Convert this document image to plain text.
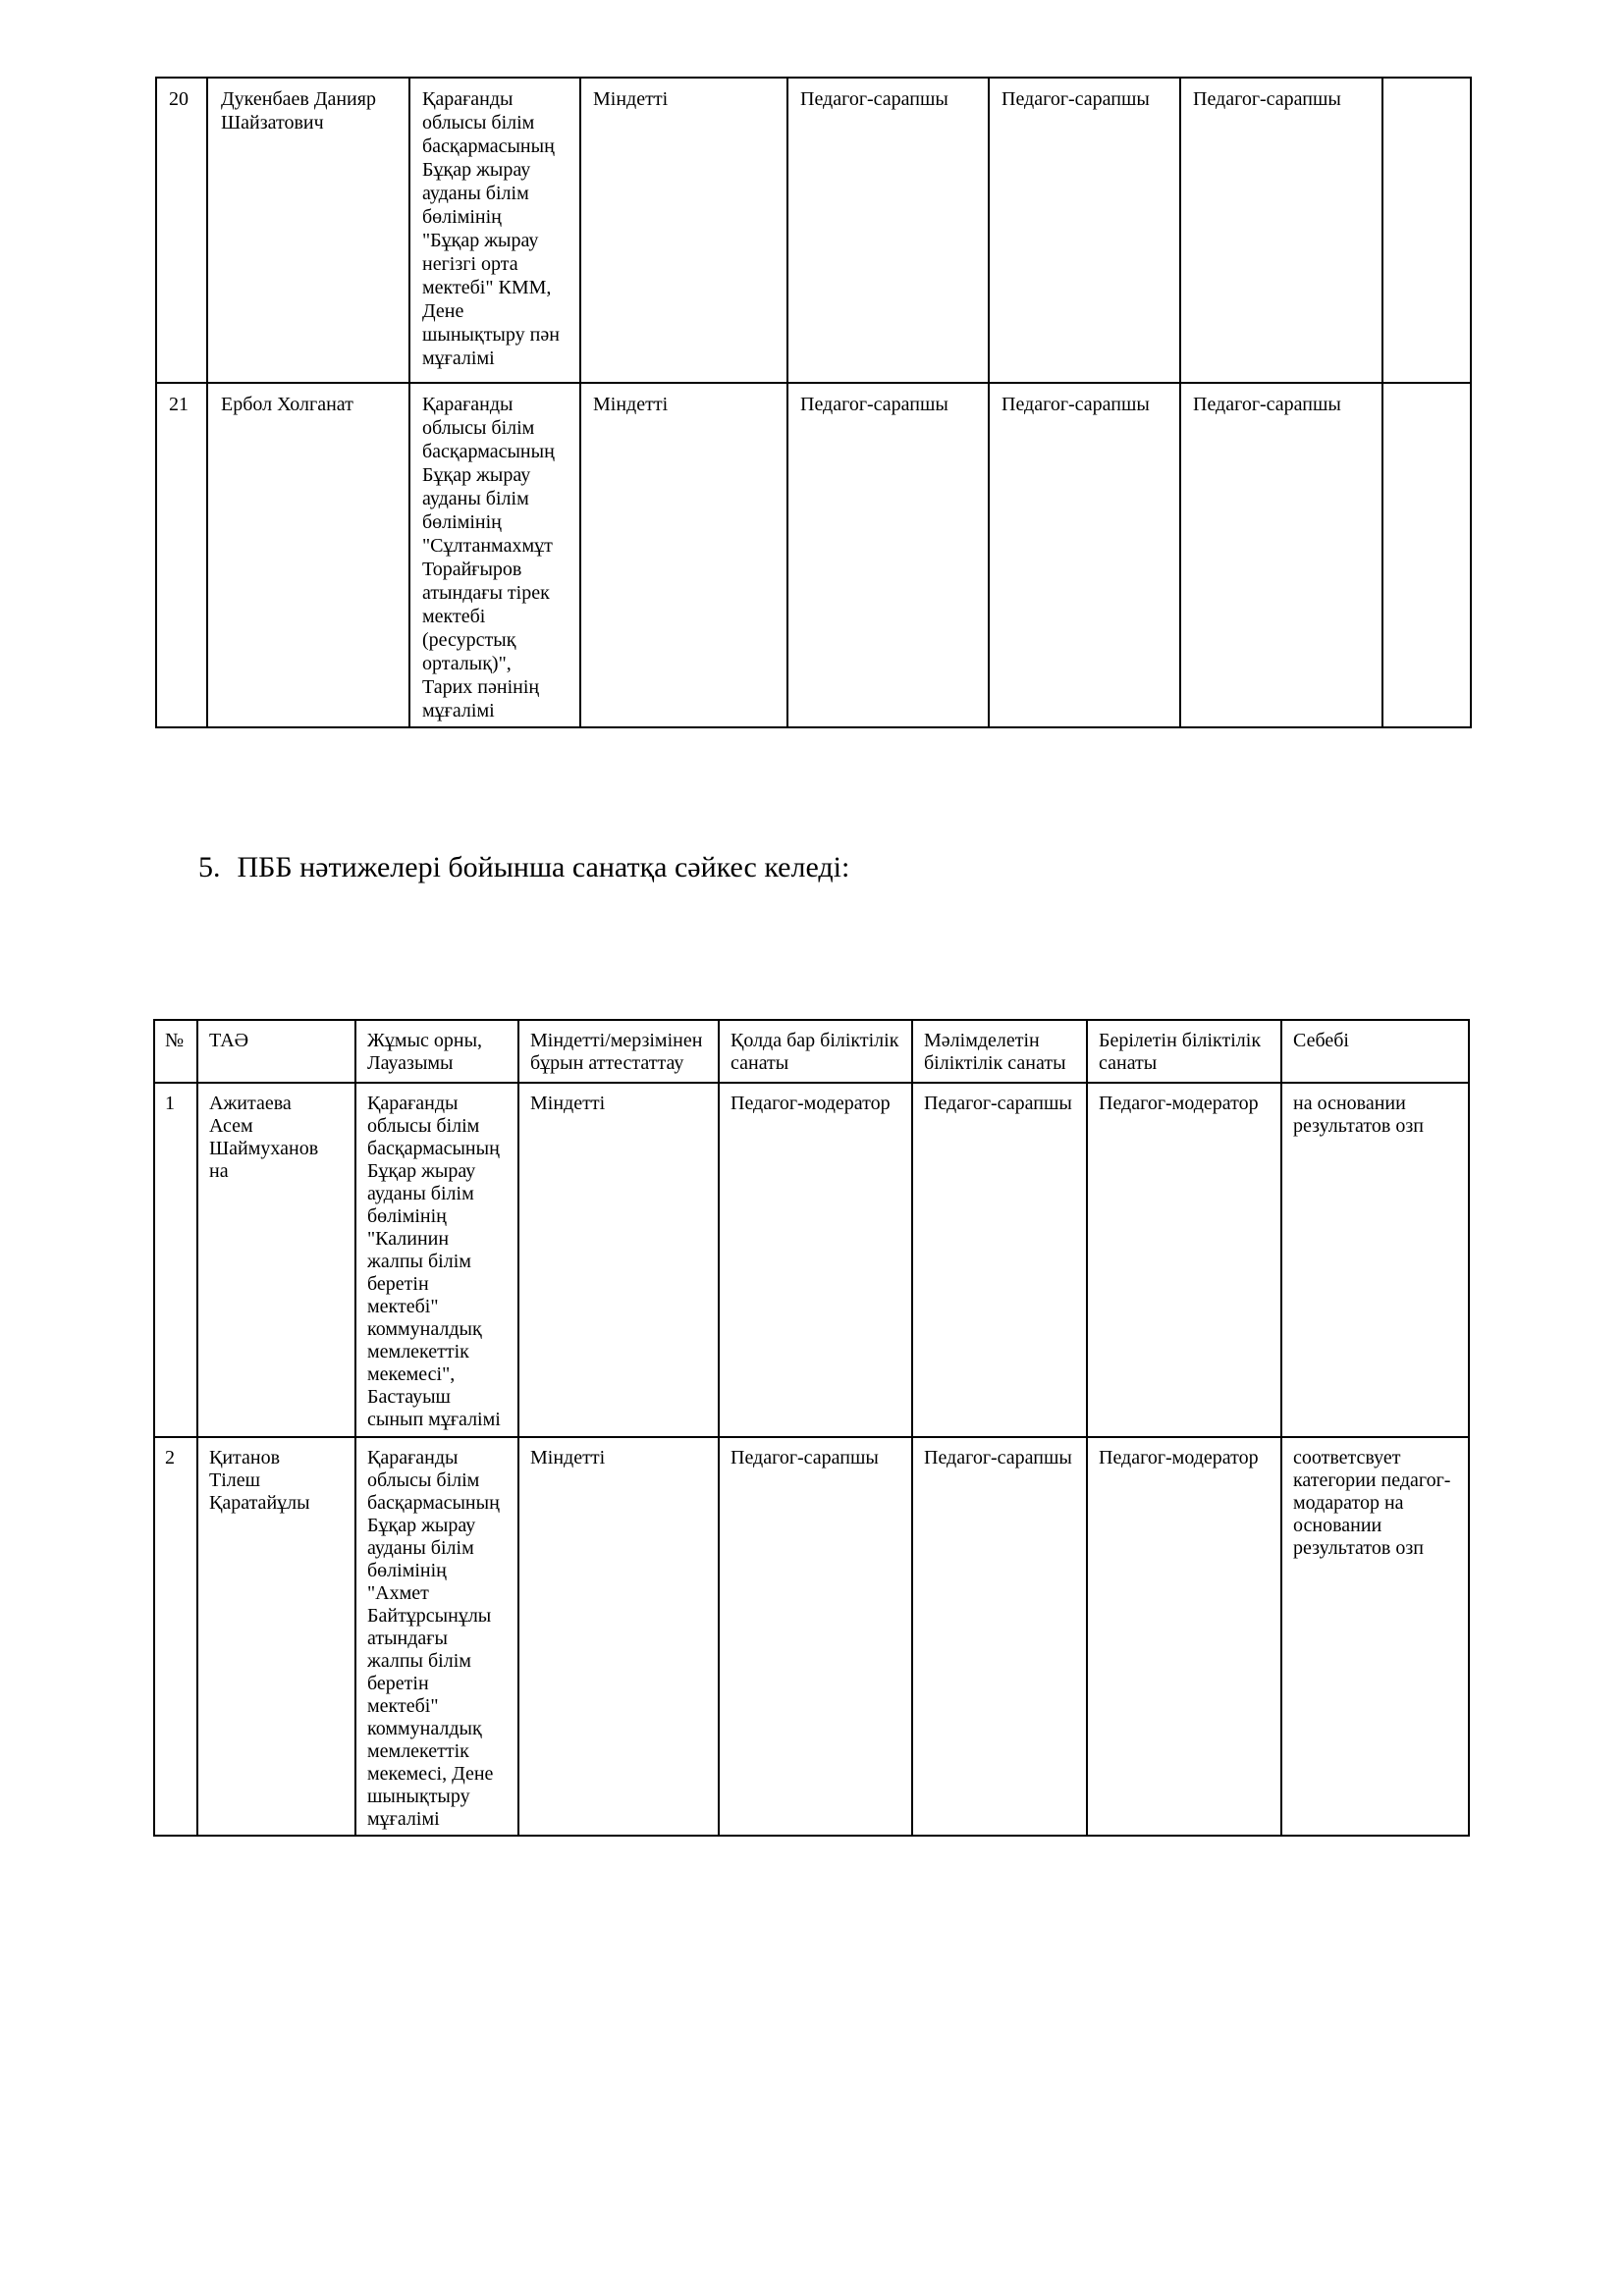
20	Дукенбаев Данияр Шайзатович	Қарағанды облысы білім басқармасының Бұқар жырау ауданы білім бөлімінің "Бұқар жырау негізгі орта мектебі" КММ, Дене шынықтыру пән мұғалімі	Міндетті	Педагог-сарапшы	Педагог-сарапшы	Педагог-сарапшы	
21	Ербол Холганат	Қарағанды облысы білім басқармасының Бұқар жырау ауданы білім бөлімінің "Сұлтанмахмұт Торайғыров атындағы тірек мектебі (ресурстық орталық)", Тарих пәнінің мұғалімі	Міндетті	Педагог-сарапшы	Педагог-сарапшы	Педагог-сарапшы	
5. ПББ нәтижелері бойынша санатқа сәйкес келеді:
№	ТАӘ	Жұмыс орны, Лауазымы	Міндетті/мерзімінен бұрын аттестаттау	Қолда бар біліктілік санаты	Мәлімделетін біліктілік санаты	Берілетін біліктілік санаты	Себебі
1	Ажитаева Асем Шаймухановна	Қарағанды облысы білім басқармасының Бұқар жырау ауданы білім бөлімінің "Калинин жалпы білім беретін мектебі" коммуналдық мемлекеттік мекемесі", Бастауыш сынып мұғалімі	Міндетті	Педагог-модератор	Педагог-сарапшы	Педагог-модератор	на основании результатов озп
2	Қитанов Тілеш Қаратайұлы	Қарағанды облысы білім басқармасының Бұқар жырау ауданы білім бөлімінің "Ахмет Байтұрсынұлы атындағы жалпы білім беретін мектебі" коммуналдық мемлекеттік мекемесі, Дене шынықтыру мұғалімі	Міндетті	Педагог-сарапшы	Педагог-сарапшы	Педагог-модератор	соответсвует категории педагог-модаратор на основании результатов озп
